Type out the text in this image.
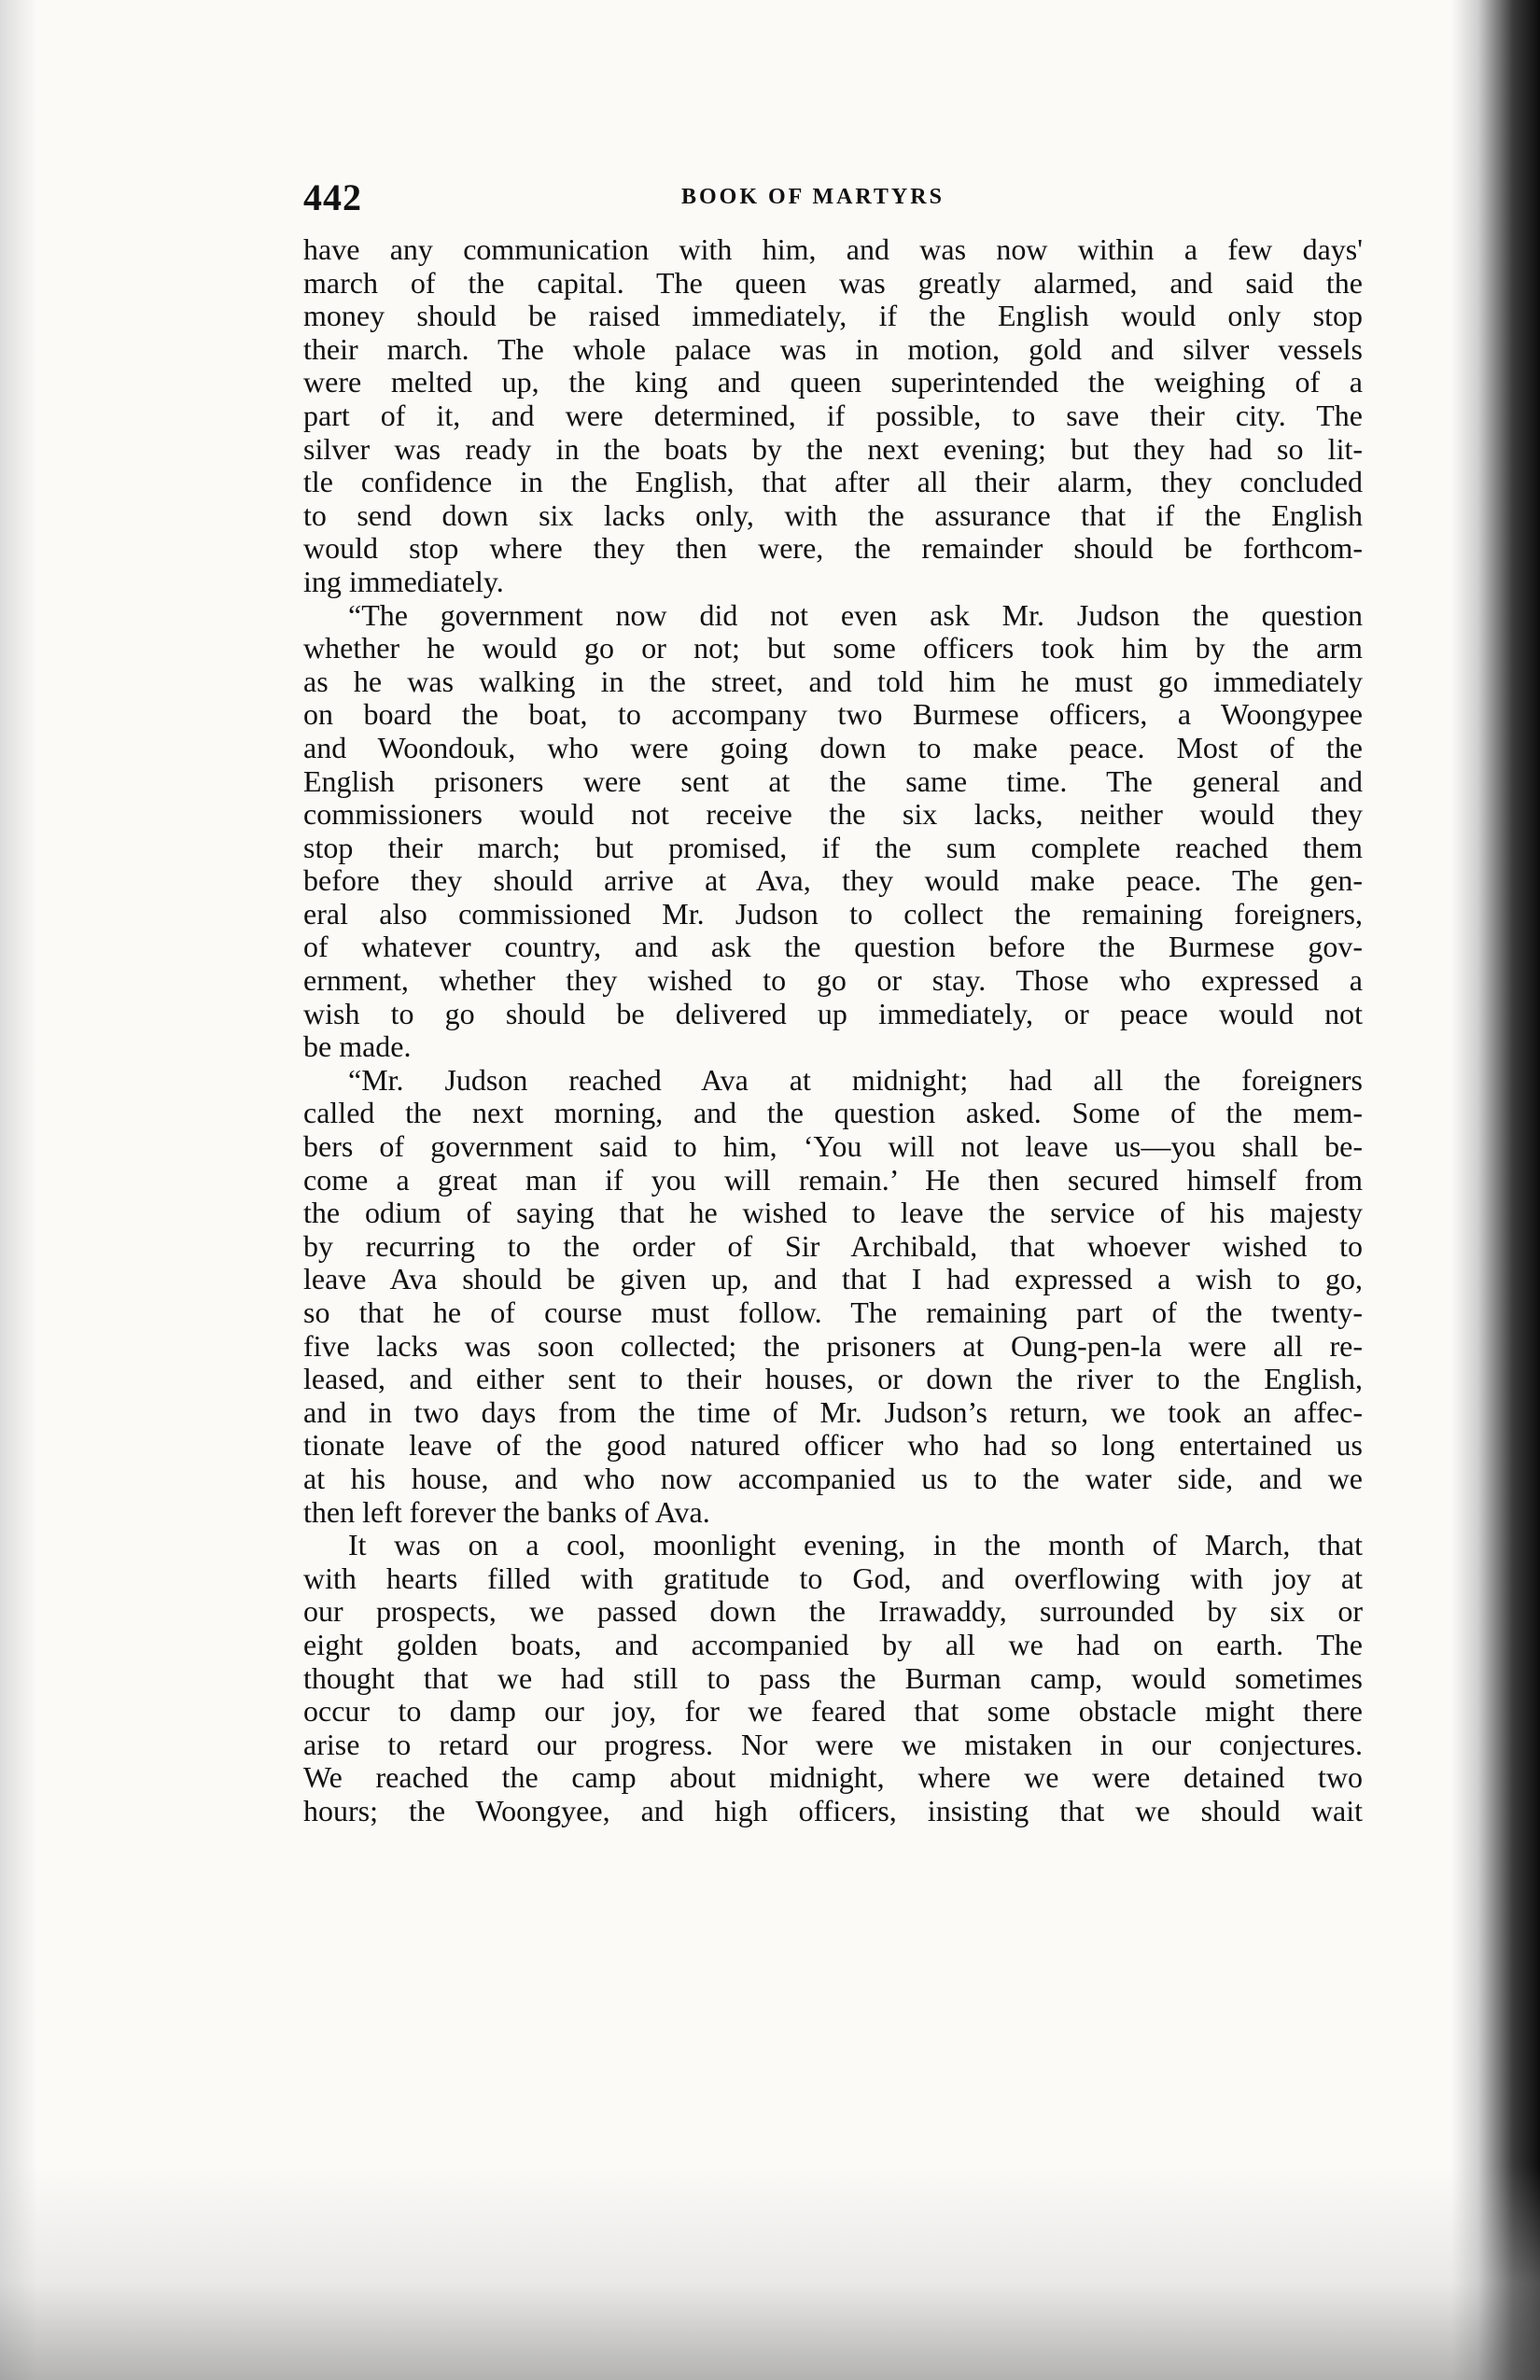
442	BOOK OF MARTYRS
have any communication with him, and was now within a few days'
march of the capital. The queen was greatly alarmed, and said the
money should be raised immediately, if the English would only stop
their march. The whole palace was in motion, gold and silver vessels
were melted up, the king and queen superintended the weighing of a
part of it, and were determined, if possible, to save their city. The
silver was ready in the boats by the next evening; but they had so lit-
tle confidence in the English, that after all their alarm, they concluded
to send down six lacks only, with the assurance that if the English
would stop where they then were, the remainder should be forthcom-
ing immediately.
“The government now did not even ask Mr. Judson the question
whether he would go or not; but some officers took him by the arm
as he was walking in the street, and told him he must go immediately
on board the boat, to accompany two Burmese officers, a Woongypee
and Woondouk, who were going down to make peace. Most of the
English prisoners were sent at the same time. The general and
commissioners would not receive the six lacks, neither would they
stop their march; but promised, if the sum complete reached them
before they should arrive at Ava, they would make peace. The gen-
eral also commissioned Mr. Judson to collect the remaining foreigners,
of whatever country, and ask the question before the Burmese gov-
ernment, whether they wished to go or stay. Those who expressed a
wish to go should be delivered up immediately, or peace would not
be made.
“Mr. Judson reached Ava at midnight; had all the foreigners
called the next morning, and the question asked. Some of the mem-
bers of government said to him, ‘You will not leave us—you shall be-
come a great man if you will remain.’ He then secured himself from
the odium of saying that he wished to leave the service of his majesty
by recurring to the order of Sir Archibald, that whoever wished to
leave Ava should be given up, and that I had expressed a wish to go,
so that he of course must follow. The remaining part of the twenty-
five lacks was soon collected; the prisoners at Oung-pen-la were all re-
leased, and either sent to their houses, or down the river to the English,
and in two days from the time of Mr. Judson’s return, we took an affec-
tionate leave of the good natured officer who had so long entertained us
at his house, and who now accompanied us to the water side, and we
then left forever the banks of Ava.
It was on a cool, moonlight evening, in the month of March, that
with hearts filled with gratitude to God, and overflowing with joy at
our prospects, we passed down the Irrawaddy, surrounded by six or
eight golden boats, and accompanied by all we had on earth. The
thought that we had still to pass the Burman camp, would sometimes
occur to damp our joy, for we feared that some obstacle might there
arise to retard our progress. Nor were we mistaken in our conjectures.
We reached the camp about midnight, where we were detained two
hours; the Woongyee, and high officers, insisting that we should wait
